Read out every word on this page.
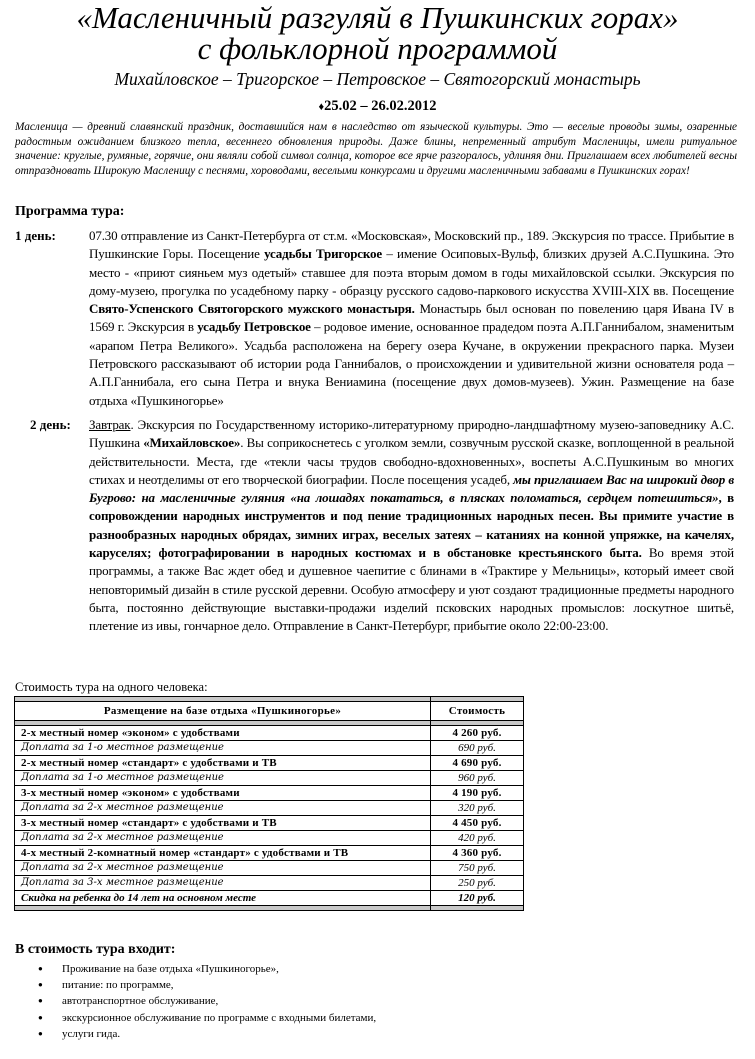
«Масленичный разгуляй в Пушкинских горах»
с фольклорной программой
Михайловское – Тригорское – Петровское – Святогорский монастырь
♦25.02 – 26.02.2012
Масленица — древний славянский праздник, доставшийся нам в наследство от языческой культуры. Это — веселые проводы зимы, озаренные радостным ожиданием близкого тепла, весеннего обновления природы. Даже блины, непременный атрибут Масленицы, имели ритуальное значение: круглые, румяные, горячие, они являли собой символ солнца, которое все ярче разгоралось, удлиняя дни. Приглашаем всех любителей весны отпраздновать Широкую Масленицу с песнями, хороводами, веселыми конкурсами и другими масленичными забавами в Пушкинских горах!
Программа тура:
1 день:	07.30 отправление из Санкт-Петербурга от ст.м. «Московская», Московский пр., 189. Экскурсия по трассе. Прибытие в Пушкинские Горы. Посещение усадьбы Тригорское – имение Осиповых-Вульф, близких друзей А.С.Пушкина. Это место - «приют сияньем муз одетый» ставшее для поэта вторым домом в годы михайловской ссылки. Экскурсия по дому-музею, прогулка по усадебному парку - образцу русского садово-паркового искусства XVIII-XIX вв. Посещение Свято-Успенского Святогорского мужского монастыря. Монастырь был основан по повелению царя Ивана IV в 1569 г. Экскурсия в усадьбу Петровское – родовое имение, основанное прадедом поэта А.П.Ганнибалом, знаменитым «арапом Петра Великого». Усадьба расположена на берегу озера Кучане, в окружении прекрасного парка. Музеи Петровского рассказывают об истории рода Ганнибалов, о происхождении и удивительной жизни основателя рода – А.П.Ганнибала, его сына Петра и внука Вениамина (посещение двух домов-музеев). Ужин. Размещение на базе отдыха «Пушкиногорье»
2 день: Завтрак. Экскурсия по Государственному историко-литературному природно-ландшафтному музею-заповеднику А.С. Пушкина «Михайловское». Вы соприкоснетесь с уголком земли, созвучным русской сказке, воплощенной в реальной действительности. Места, где «текли часы трудов свободно-вдохновенных», воспеты А.С.Пушкиным во многих стихах и неотделимы от его творческой биографии. После посещения усадеб, мы приглашаем Вас на широкий двор в Бугрово: на масленичные гуляния «на лошадях покататься, в плясках поломаться, сердцем потешиться», в сопровождении народных инструментов и под пение традиционных народных песен. Вы примите участие в разнообразных народных обрядах, зимних играх, веселых затеях – катаниях на конной упряжке, на качелях, каруселях; фотографировании в народных костюмах и в обстановке крестьянского быта. Во время этой программы, а также Вас ждет обед и душевное чаепитие с блинами в «Трактире у Мельницы», который имеет свой неповторимый дизайн в стиле русской деревни. Особую атмосферу и уют создают традиционные предметы народного быта, постоянно действующие выставки-продажи изделий псковских народных промыслов: лоскутное шитьё, плетение из ивы, гончарное дело. Отправление в Санкт-Петербург, прибытие около 22:00-23:00.
Стоимость тура на одного человека:

Размещение на базе отдыха «Пушкиногорье»	Стоимость

2-х местный номер «эконом» с удобствами	4 260 руб.
Доплата за 1-о местное размещение	690 руб.
2-х местный номер «стандарт» с удобствами и ТВ	4 690 руб.
Доплата за 1-о местное размещение	960 руб.
3-х местный номер «эконом» с удобствами	4 190 руб.
Доплата за 2-х местное размещение	320 руб.
3-х местный номер «стандарт» с удобствами и ТВ	4 450 руб.
Доплата за 2-х местное размещение	420 руб.
4-х местный 2-комнатный номер «стандарт» с удобствами и ТВ	4 360 руб.
Доплата за 2-х местное размещение	750 руб.
Доплата за 3-х местное размещение	250 руб.
Скидка на ребенка до 14 лет на основном месте	120 руб.

В стоимость тура входит:
● Проживание на базе отдыха «Пушкиногорье»,
● питание: по программе,
● автотранспортное обслуживание,
● экскурсионное обслуживание по программе с входными билетами,
● услуги гида.
